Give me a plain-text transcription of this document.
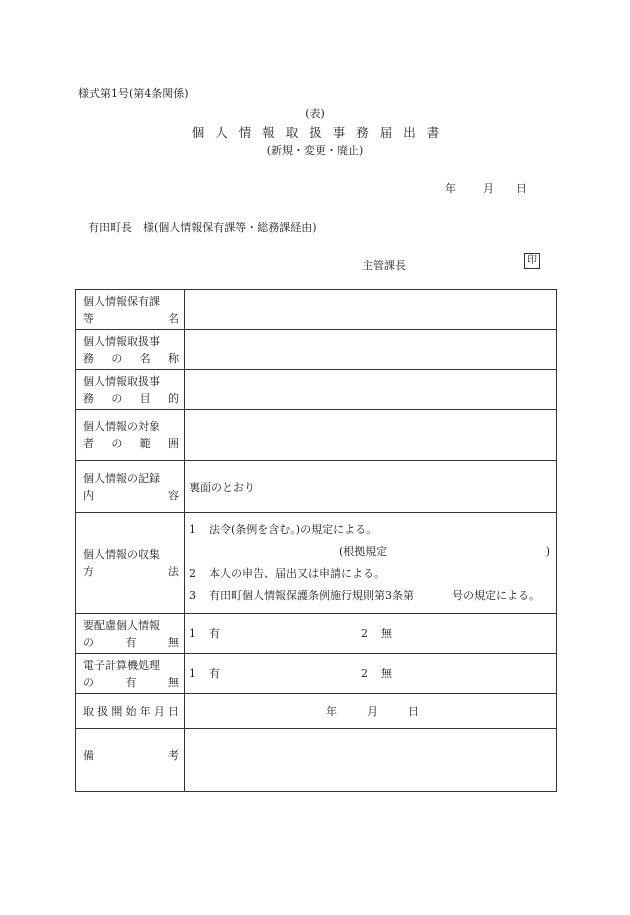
様式第1号(第4条関係)
(表)
個人情報取扱事務届出書
(新規・変更・廃止)
年 月 日
有田町長　様(個人情報保有課等・総務課経由)
主管課長	印
個人情報保有課
等名	

個人情報取扱事
務の名称	

個人情報取扱事
務の目的	

個人情報の対象
者の範囲	

個人情報の記録
内容	裏面のとおり

個人情報の収集
方法	1 法令(条例を含む。)の規定による。
(根拠規定 )
2 本人の申告、届出又は申請による。
3 有田町個人情報保護条例施行規則第3条第 号の規定による。

要配慮個人情報
の有無	1 有 2 無

電子計算機処理
の有無	1 有 2 無

取扱開始年月日	年 月 日

備考	
